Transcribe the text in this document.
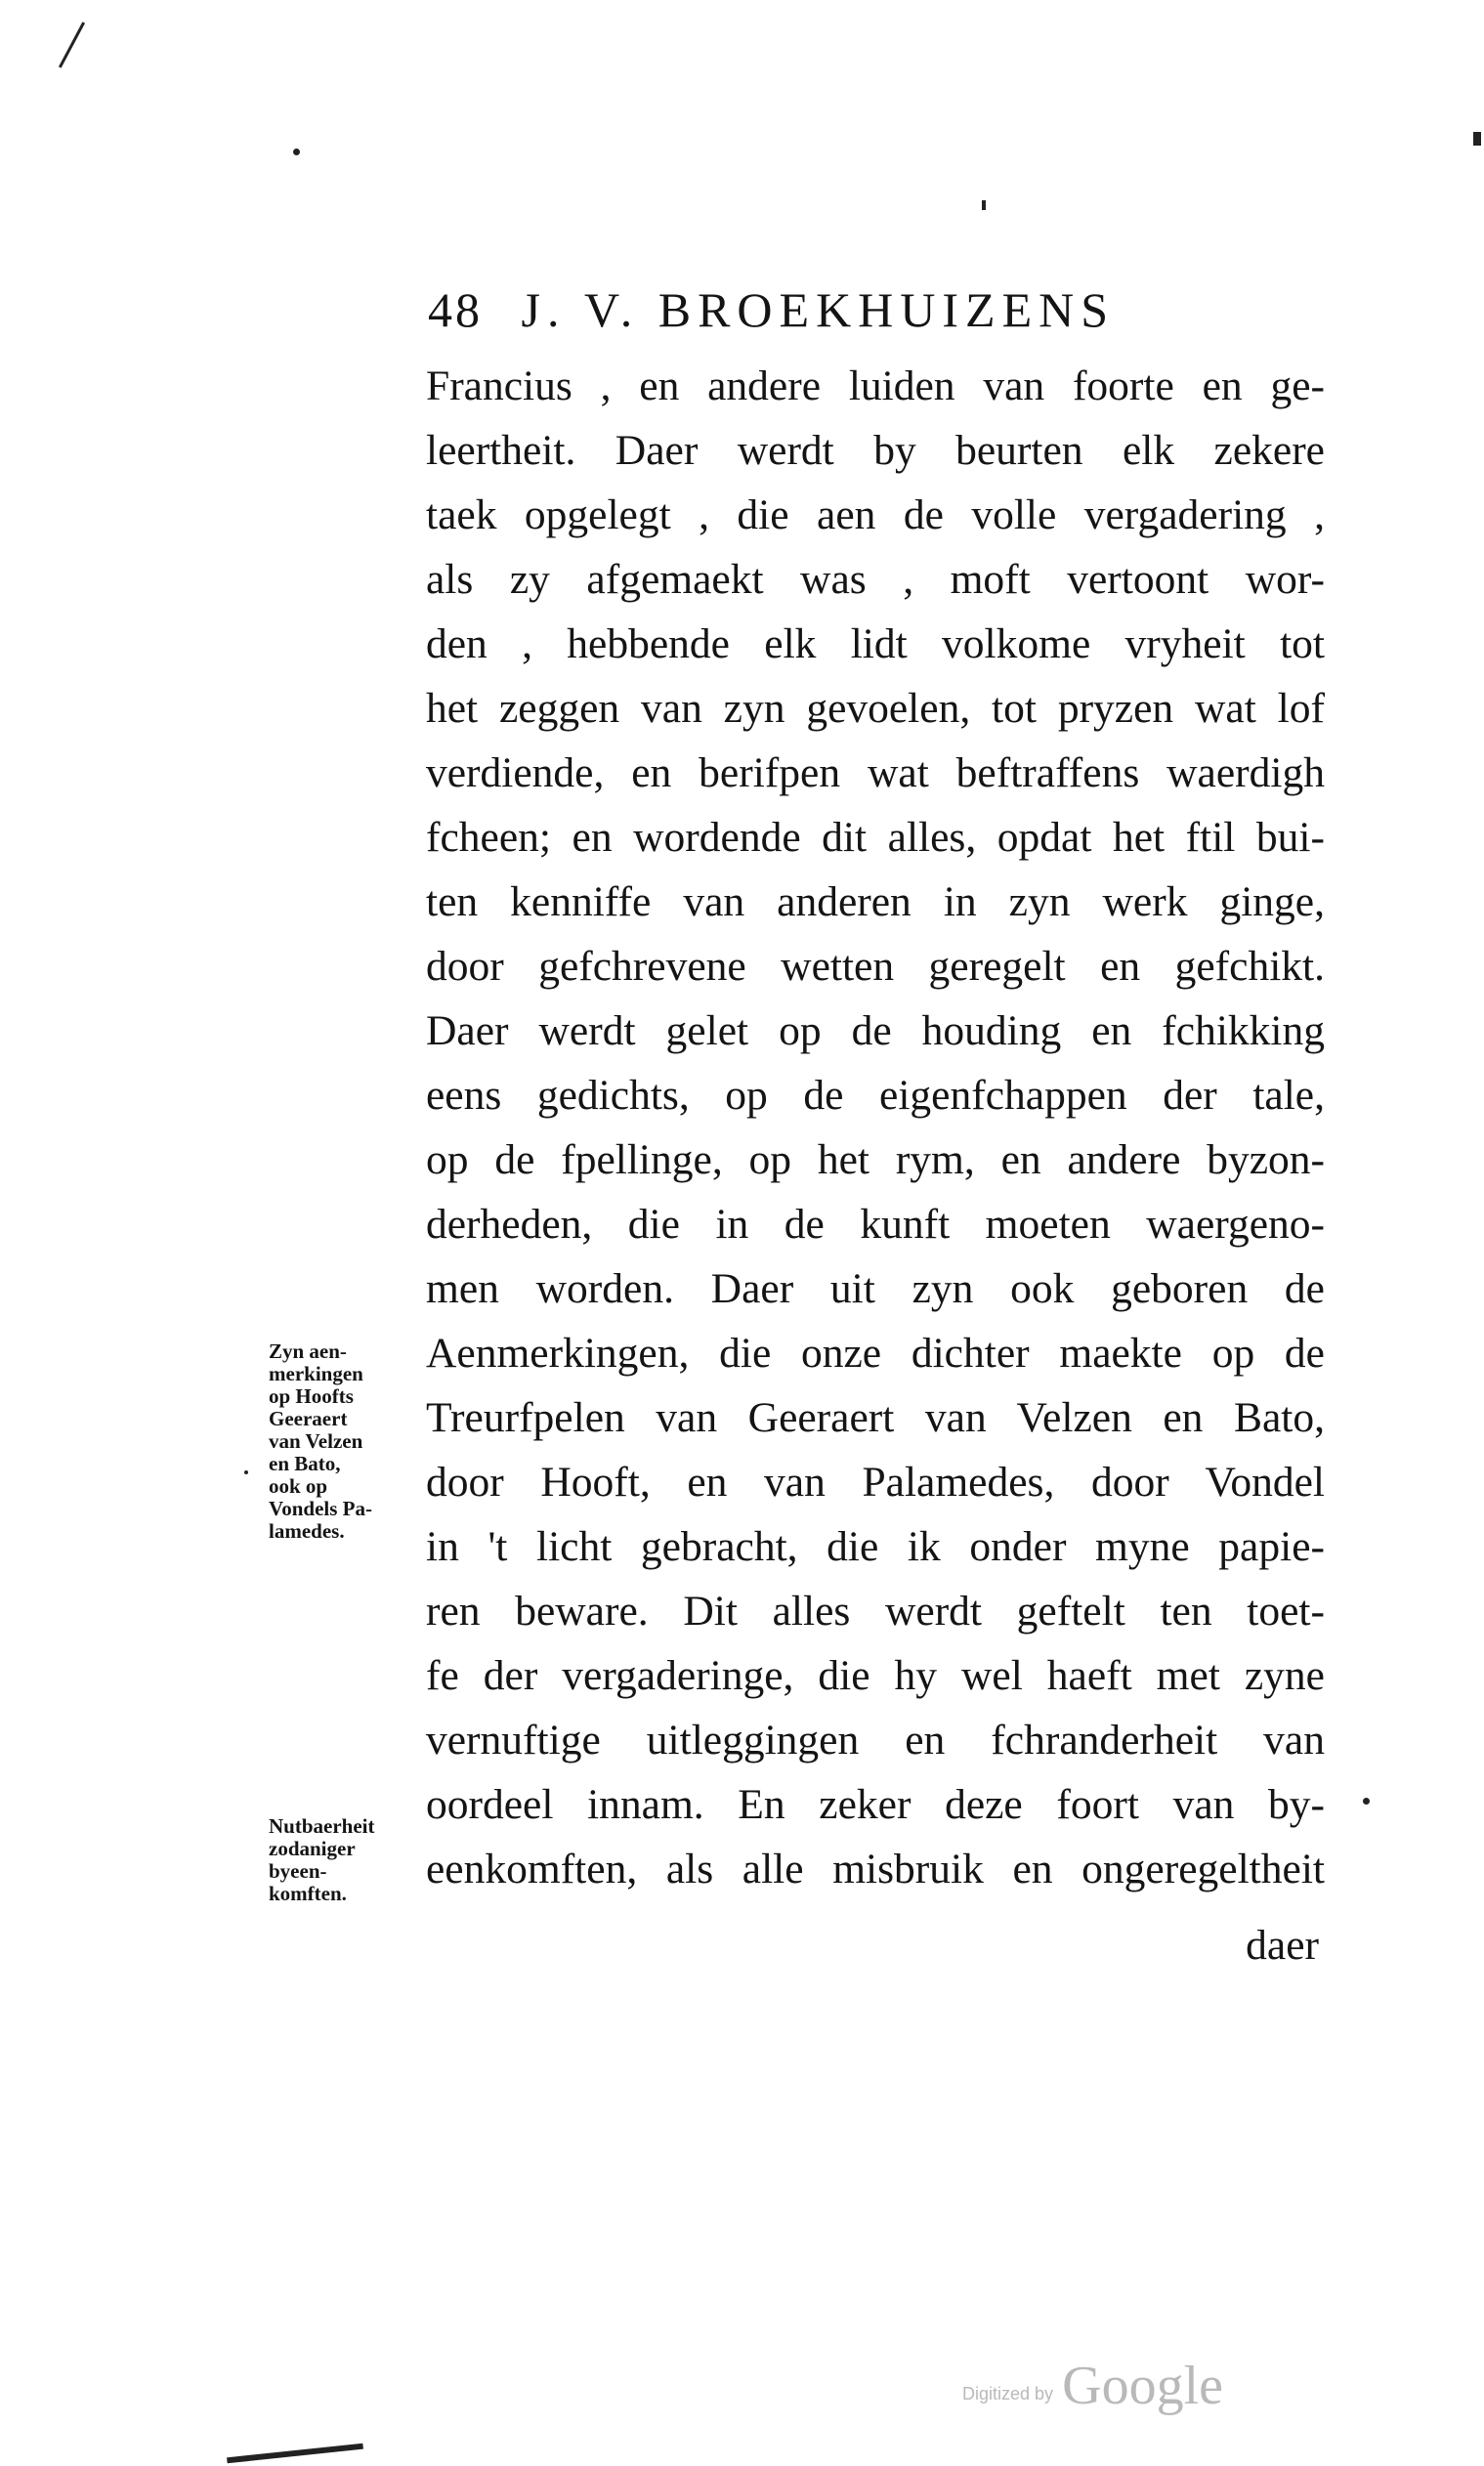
48 J. V. BROEKHUIZENS
Francius , en andere luiden van foorte en ge-
leertheit. Daer werdt by beurten elk zekere
taek opgelegt , die aen de volle vergadering ,
als zy afgemaekt was , moft vertoont wor-
den , hebbende elk lidt volkome vryheit tot
het zeggen van zyn gevoelen, tot pryzen wat lof
verdiende, en berifpen wat beftraffens waerdigh
fcheen; en wordende dit alles, opdat het ftil bui-
ten kenniffe van anderen in zyn werk ginge,
door gefchrevene wetten geregelt en gefchikt.
Daer werdt gelet op de houding en fchikking
eens gedichts, op de eigenfchappen der tale,
op de fpellinge, op het rym, en andere byzon-
derheden, die in de kunft moeten waergeno-
men worden. Daer uit zyn ook geboren de
Aenmerkingen, die onze dichter maekte op de
Treurfpelen van Geeraert van Velzen en Bato,
door Hooft, en van Palamedes, door Vondel
in 't licht gebracht, die ik onder myne papie-
ren beware. Dit alles werdt geftelt ten toet-
fe der vergaderinge, die hy wel haeft met zyne
vernuftige uitleggingen en fchranderheit van
oordeel innam. En zeker deze foort van by-
eenkomften, als alle misbruik en ongeregeltheit
daer
Zyn aen-
merkingen
op Hoofts
Geeraert
van Velzen
en Bato,
ook op
Vondels Pa-
lamedes.
Nutbaerheit
zodaniger
byeen-
komften.
Digitized by Google
